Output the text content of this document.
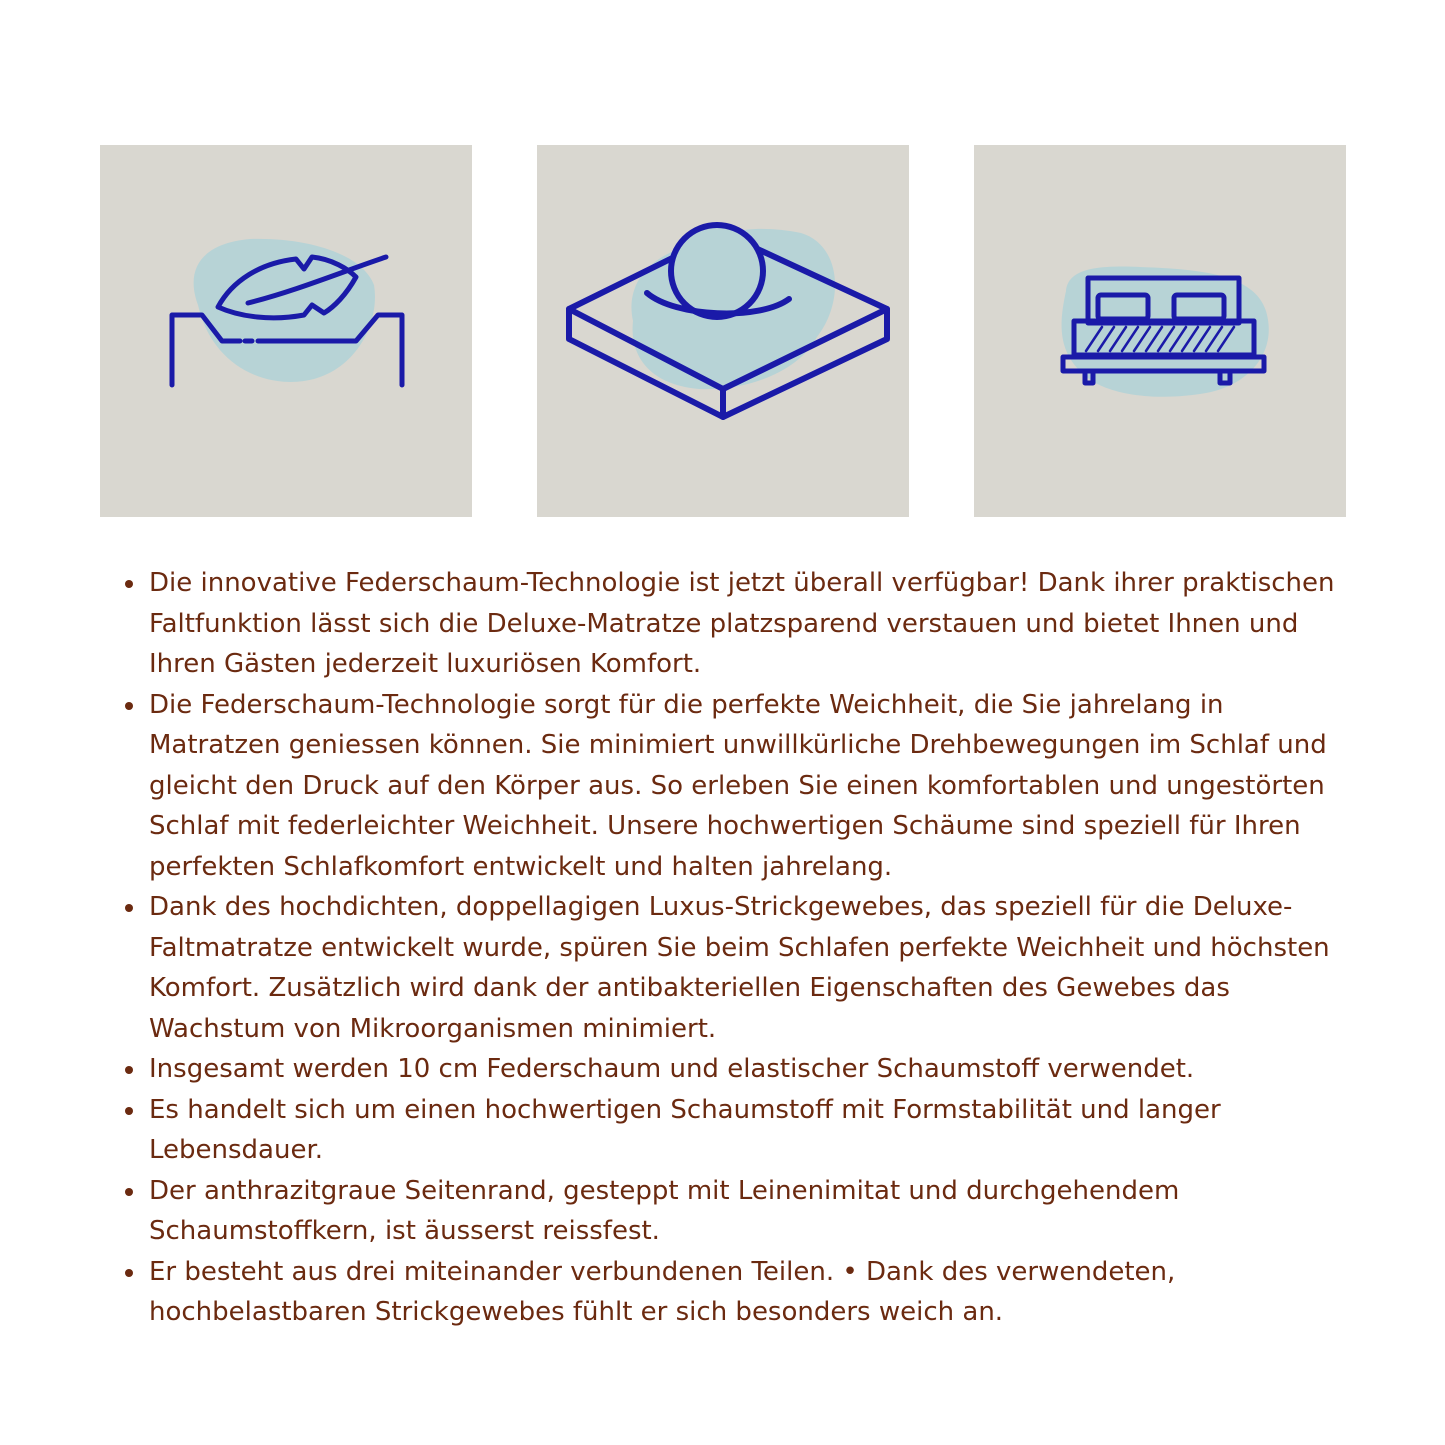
Die innovative Federschaum-Technologie ist jetzt überall verfügbar! Dank ihrer praktischen Faltfunktion lässt sich die Deluxe-Matratze platzsparend verstauen und bietet Ihnen und Ihren Gästen jederzeit luxuriösen Komfort.
Die Federschaum-Technologie sorgt für die perfekte Weichheit, die Sie jahrelang in Matratzen geniessen können. Sie minimiert unwillkürliche Drehbewegungen im Schlaf und gleicht den Druck auf den Körper aus. So erleben Sie einen komfortablen und ungestörten Schlaf mit federleichter Weichheit. Unsere hochwertigen Schäume sind speziell für Ihren perfekten Schlafkomfort entwickelt und halten jahrelang.
Dank des hochdichten, doppellagigen Luxus-Strickgewebes, das speziell für die Deluxe-Faltmatratze entwickelt wurde, spüren Sie beim Schlafen perfekte Weichheit und höchsten Komfort. Zusätzlich wird dank der antibakteriellen Eigenschaften des Gewebes das Wachstum von Mikroorganismen minimiert.
Insgesamt werden 10 cm Federschaum und elastischer Schaumstoff verwendet.
Es handelt sich um einen hochwertigen Schaumstoff mit Formstabilität und langer Lebensdauer.
Der anthrazitgraue Seitenrand, gesteppt mit Leinenimitat und durchgehendem Schaumstoffkern, ist äusserst reissfest.
Er besteht aus drei miteinander verbundenen Teilen. • Dank des verwendeten, hochbelastbaren Strickgewebes fühlt er sich besonders weich an.
